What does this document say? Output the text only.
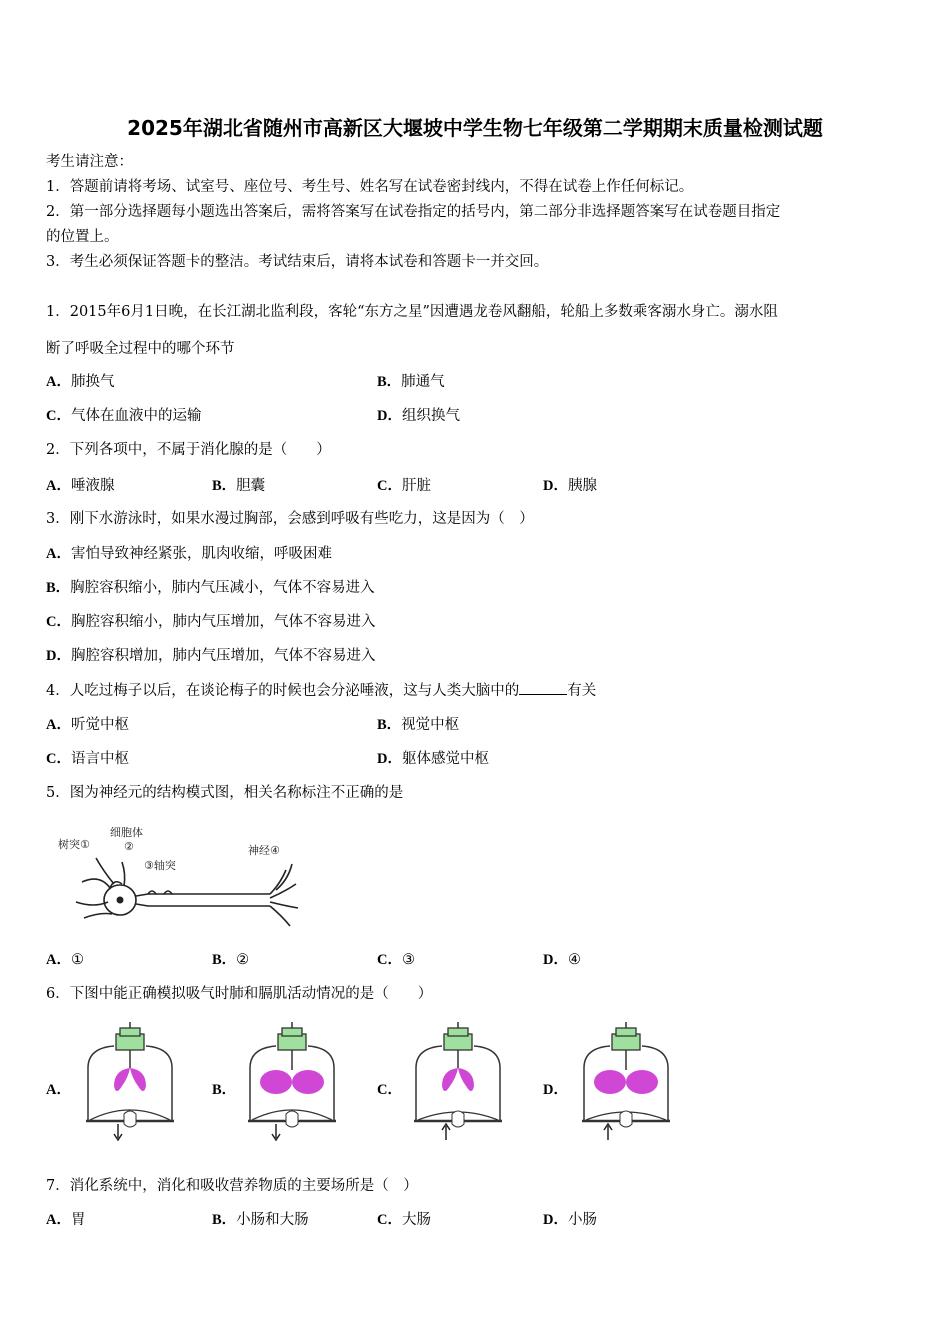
2025年湖北省随州市高新区大堰坡中学生物七年级第二学期期末质量检测试题
考生请注意：
1．答题前请将考场、试室号、座位号、考生号、姓名写在试卷密封线内，不得在试卷上作任何标记。
2．第一部分选择题每小题选出答案后，需将答案写在试卷指定的括号内，第二部分非选择题答案写在试卷题目指定
的位置上。
3．考生必须保证答题卡的整洁。考试结束后，请将本试卷和答题卡一并交回。
1．2015年6月1日晚，在长江湖北监利段，客轮“东方之星”因遭遇龙卷风翻船，轮船上多数乘客溺水身亡。溺水阻
断了呼吸全过程中的哪个环节
A．肺换气	B．肺通气
C．气体在血液中的运输	D．组织换气
2．下列各项中，不属于消化腺的是（　　）
A．唾液腺	B．胆囊	C．肝脏	D．胰腺
3．刚下水游泳时，如果水漫过胸部，会感到呼吸有些吃力，这是因为（　）
A．害怕导致神经紧张，肌肉收缩，呼吸困难
B．胸腔容积缩小，肺内气压减小，气体不容易进入
C．胸腔容积缩小，肺内气压增加，气体不容易进入
D．胸腔容积增加，肺内气压增加，气体不容易进入
4．人吃过梅子以后，在谈论梅子的时候也会分泌唾液，这与人类大脑中的	有关
A．听觉中枢	B．视觉中枢
C．语言中枢	D．躯体感觉中枢
5．图为神经元的结构模式图，相关名称标注不正确的是
树突①
细胞体
②
③轴突
神经④
A．①	B．②	C．③	D．④
6．下图中能正确模拟吸气时肺和膈肌活动情况的是（　　）
A．	B．	C．	D．
7．消化系统中，消化和吸收营养物质的主要场所是（　）
A．胃	B．小肠和大肠	C．大肠	D．小肠
